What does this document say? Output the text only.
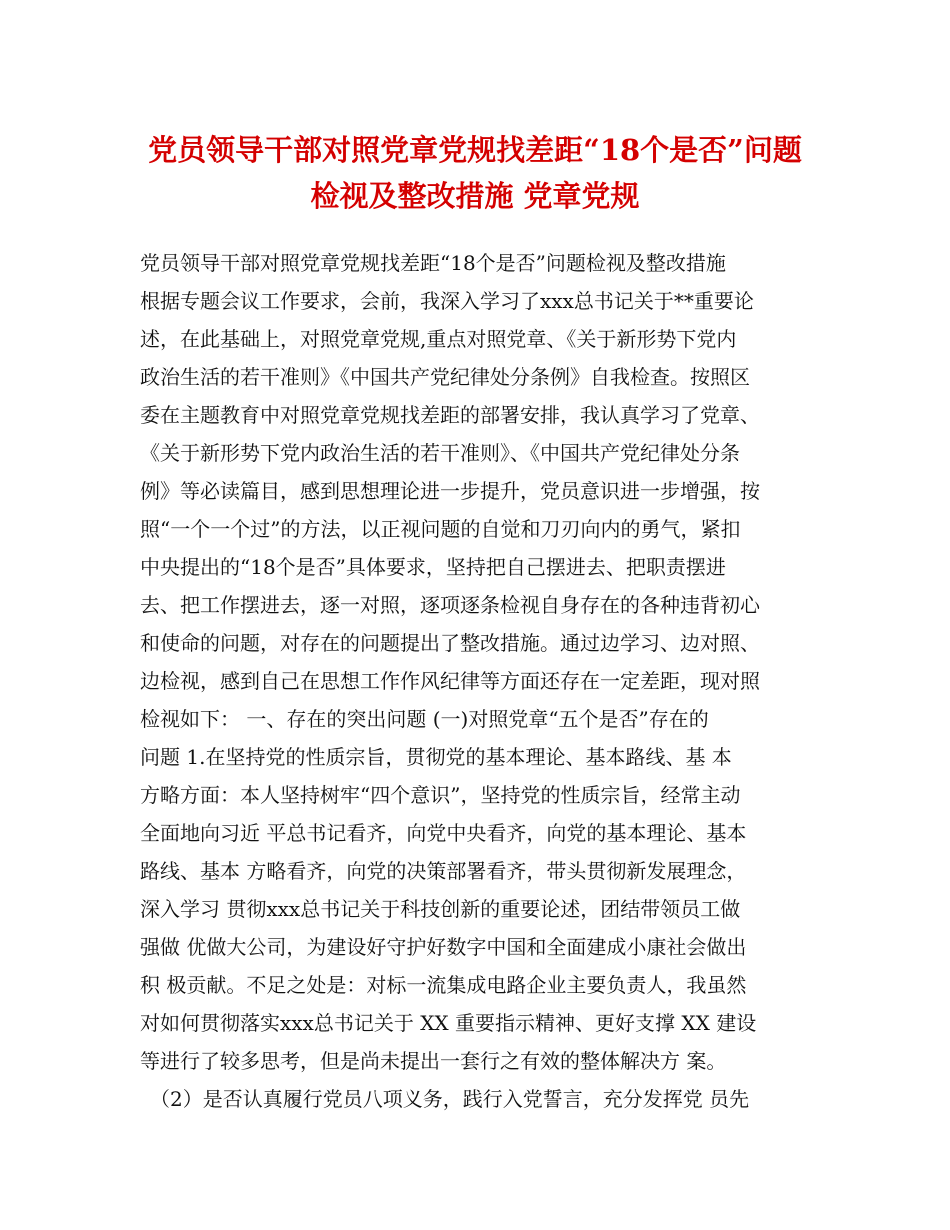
党员领导干部对照党章党规找差距“18个是否”问题
检视及整改措施 党章党规
党员领导干部对照党章党规找差距“18个是否”问题检视及整改措施
根据专题会议工作要求，会前，我深入学习了xxx总书记关于**重要论
述，在此基础上，对照党章党规,重点对照党章、《关于新形势下党内
政治生活的若干准则》《中国共产党纪律处分条例》自我检查。按照区
委在主题教育中对照党章党规找差距的部署安排，我认真学习了党章、
《关于新形势下党内政治生活的若干准则》、《中国共产党纪律处分条
例》等必读篇目，感到思想理论进一步提升，党员意识进一步增强，按
照“一个一个过”的方法，以正视问题的自觉和刀刃向内的勇气，紧扣
中央提出的“18个是否”具体要求，坚持把自己摆进去、把职责摆进
去、把工作摆进去，逐一对照，逐项逐条检视自身存在的各种违背初心
和使命的问题，对存在的问题提出了整改措施。通过边学习、边对照、
边检视，感到自己在思想工作作风纪律等方面还存在一定差距，现对照
检视如下： 一、存在的突出问题 (一)对照党章“五个是否”存在的
问题 1.在坚持党的性质宗旨，贯彻党的基本理论、基本路线、基 本
方略方面：本人坚持树牢“四个意识”，坚持党的性质宗旨，经常主动
全面地向习近 平总书记看齐，向党中央看齐，向党的基本理论、基本
路线、基本 方略看齐，向党的决策部署看齐，带头贯彻新发展理念，
深入学习 贯彻xxx总书记关于科技创新的重要论述，团结带领员工做
强做 优做大公司，为建设好守护好数字中国和全面建成小康社会做出
积 极贡献。不足之处是：对标一流集成电路企业主要负责人，我虽然
对如何贯彻落实xxx总书记关于 XX 重要指示精神、更好支撑 XX 建设
等进行了较多思考，但是尚未提出一套行之有效的整体解决方 案。
（2）是否认真履行党员八项义务，践行入党誓言，充分发挥党 员先
